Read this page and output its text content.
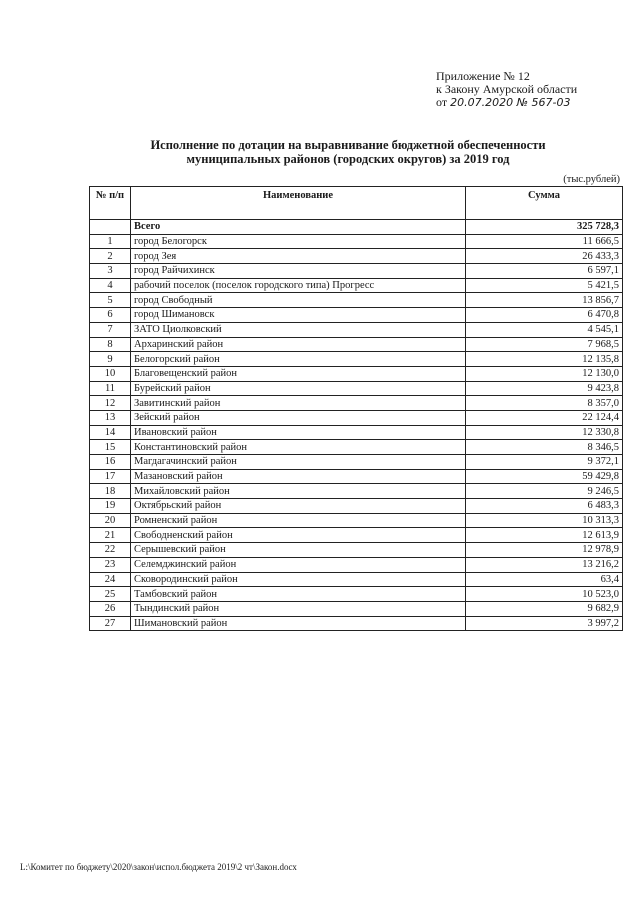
Приложение № 12
к Закону Амурской области
от 20.07.2020 № 567-03
Исполнение по дотации на выравнивание бюджетной обеспеченности
муниципальных районов (городских округов) за 2019 год
(тыс.рублей)
№ п/п	Наименование	Сумма
	Всего	325 728,3
1	город Белогорск	11 666,5
2	город Зея	26 433,3
3	город Райчихинск	6 597,1
4	рабочий поселок (поселок городского типа) Прогресс	5 421,5
5	город Свободный	13 856,7
6	город Шимановск	6 470,8
7	ЗАТО Циолковский	4 545,1
8	Архаринский район	7 968,5
9	Белогорский район	12 135,8
10	Благовещенский район	12 130,0
11	Бурейский район	9 423,8
12	Завитинский район	8 357,0
13	Зейский район	22 124,4
14	Ивановский район	12 330,8
15	Константиновский район	8 346,5
16	Магдагачинский район	9 372,1
17	Мазановский район	59 429,8
18	Михайловский район	9 246,5
19	Октябрьский район	6 483,3
20	Ромненский район	10 313,3
21	Свободненский район	12 613,9
22	Серышевский район	12 978,9
23	Селемджинский район	13 216,2
24	Сковородинский район	63,4
25	Тамбовский район	10 523,0
26	Тындинский район	9 682,9
27	Шимановский район	3 997,2
L:\Комитет по бюджету\2020\закон\испол.бюджета 2019\2 чт\Закон.docx
